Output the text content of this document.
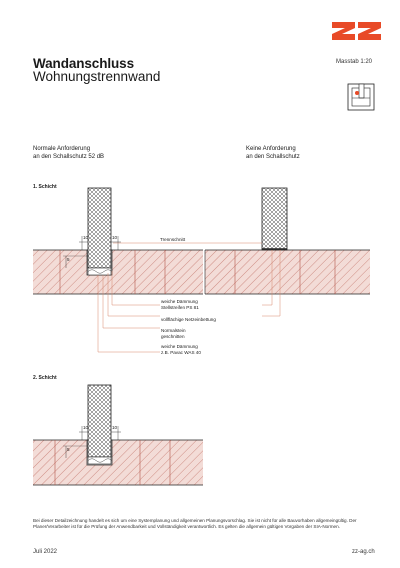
Wandanschluss
Wohnungstrennwand
Masstab 1:20
Normale Anforderung
an den Schallschutz 52 dB
Keine Anforderung
an den Schallschutz
1. Schicht
2. Schicht
10	10
5
10	10
5
Trennschnitt
weiche Dämmung
Stellstreifen PS 81
vollflächige Netzeinbettung
Normalstein
geschnitten
weiche Dämmung
z.B. Pavac WAS 40
Bei dieser Detailzeichnung handelt es sich um eine Systemplanung und allgemeinen Planungsvorschlag. Sie ist nicht für alle Bauvorhaben allgemeingültig. Der Planer/Verarbeiter ist für die Prüfung der Anwendbarkeit und Vollständigkeit verantwortlich. Es gelten die allgemein gültigen Vorgaben der SIA-Normen.
Juli 2022	zz-ag.ch
